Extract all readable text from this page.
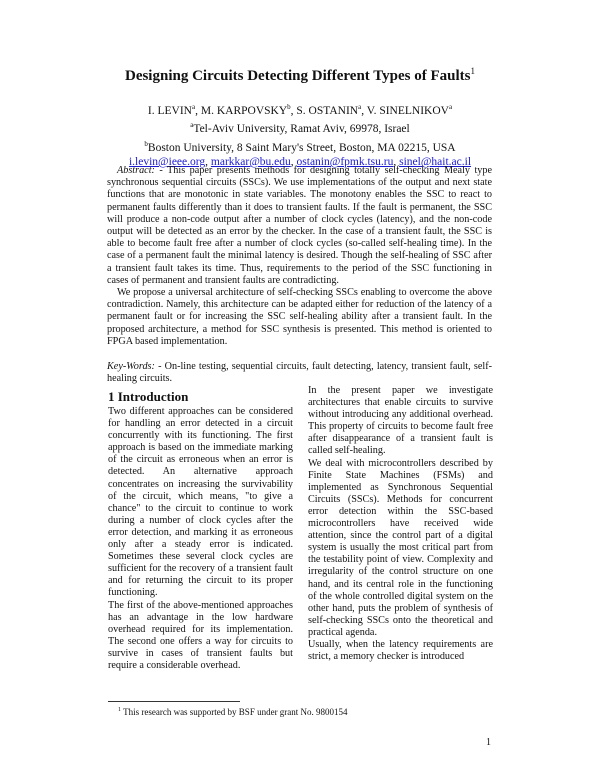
Designing Circuits Detecting Different Types of Faults$^1$
I. LEVIN$^a$, M. KARPOVSKY$^b$, S. OSTANIN$^a$, V. SINELNIKOV$^a$
$^a$Tel-Aviv University, Ramat Aviv, 69978, Israel
$^b$Boston University, 8 Saint Mary's Street, Boston, MA 02215, USA
i.levin@ieee.org, markkar@bu.edu, ostanin@fpmk.tsu.ru, sinel@hait.ac.il

Abstract: - This paper presents methods for designing totally self-checking Mealy type synchronous sequential circuits (SSCs). We use implementations of the output and next state functions that are monotonic in state variables. The monotony enables the SSC to react to permanent faults differently than it does to transient faults. If the fault is permanent, the SSC will produce a non-code output after a number of clock cycles (latency), and the non-code output will be detected as an error by the checker. In the case of a transient fault, the SSC is able to become fault free after a number of clock cycles (so-called self-healing time). In the case of a permanent fault the minimal latency is desired. Though the self-healing of SSC after a transient fault takes its time. Thus, requirements to the period of the SSC functioning in cases of permanent and transient faults are contradicting.

We propose a universal architecture of self-checking SSCs enabling to overcome the above contradiction. Namely, this architecture can be adapted either for reduction of the latency of a permanent fault or for increasing the SSC self-healing ability after a transient fault. In the proposed architecture, a method for SSC synthesis is presented. This method is oriented to FPGA based implementation.

Key-Words: - On-line testing, sequential circuits, fault detecting, latency, transient fault, self-healing circuits.

1 Introduction

Two different approaches can be considered for handling an error detected in a circuit concurrently with its functioning. The first approach is based on the immediate marking of the circuit as erroneous when an error is detected. An alternative approach concentrates on increasing the survivability of the circuit, which means, "to give a chance" to the circuit to continue to work during a number of clock cycles after the error detection, and marking it as erroneous only after a steady error is indicated. Sometimes these several clock cycles are sufficient for the recovery of a transient fault and for returning the circuit to its proper functioning.

The first of the above-mentioned approaches has an advantage in the low hardware overhead required for its implementation. The second one offers a way for circuits to survive in cases of transient faults but require a considerable overhead.

In the present paper we investigate architectures that enable circuits to survive without introducing any additional overhead. This property of circuits to become fault free after disappearance of a transient fault is called self-healing.

We deal with microcontrollers described by Finite State Machines (FSMs) and implemented as Synchronous Sequential Circuits (SSCs). Methods for concurrent error detection within the SSC-based microcontrollers have received wide attention, since the control part of a digital system is usually the most critical part from the testability point of view. Complexity and irregularity of the control structure on one hand, and its central role in the functioning of the whole controlled digital system on the other hand, puts the problem of synthesis of self-checking SSCs onto the theoretical and practical agenda.

Usually, when the latency requirements are strict, a memory checker is introduced

$^1$ This research was supported by BSF under grant No. 9800154
1
